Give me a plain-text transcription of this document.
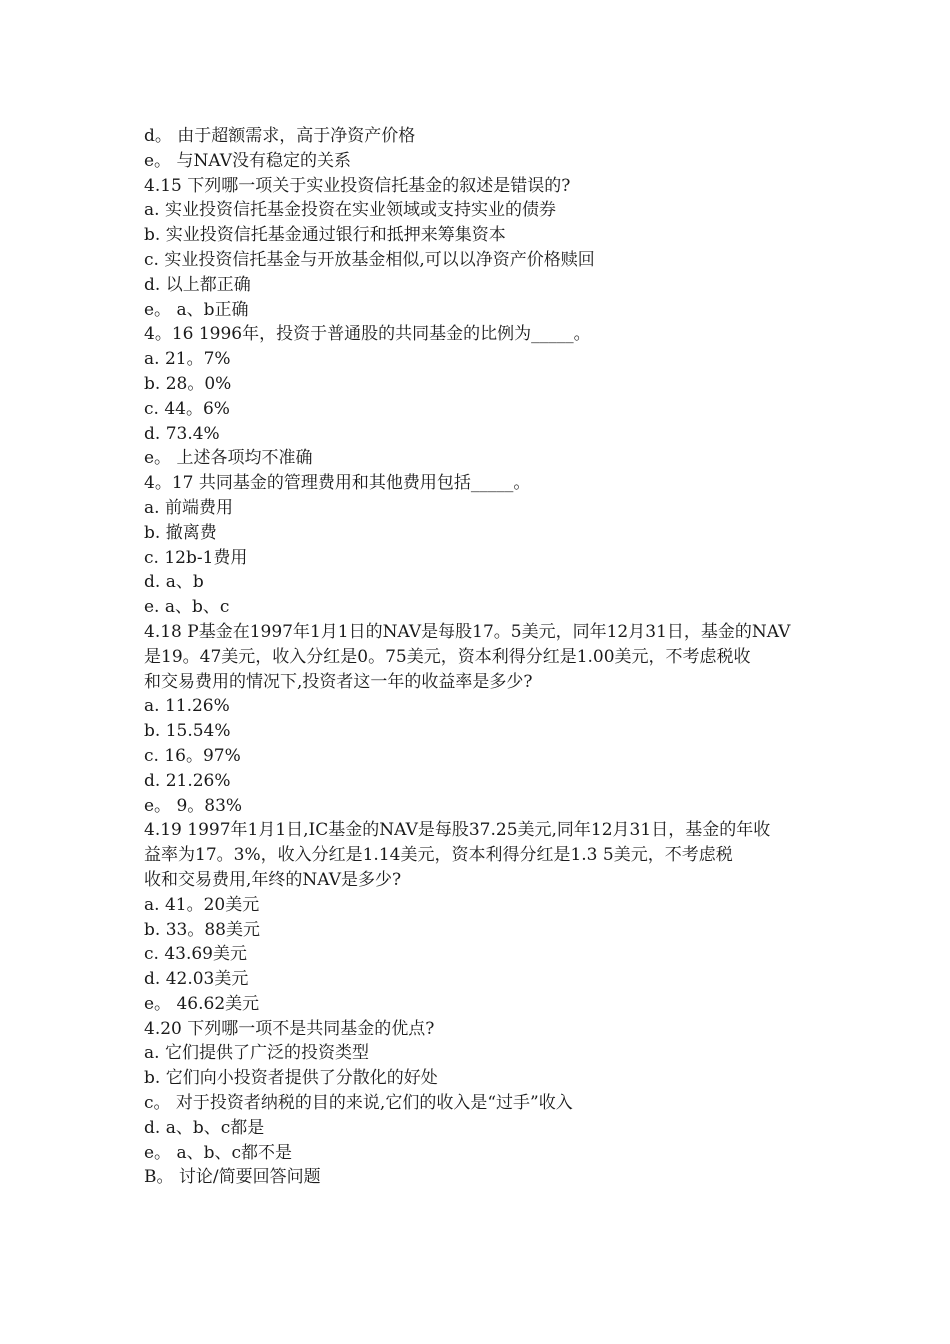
d。 由于超额需求，高于净资产价格
e。 与NAV没有稳定的关系
4.15 下列哪一项关于实业投资信托基金的叙述是错误的?
a. 实业投资信托基金投资在实业领域或支持实业的债券
b. 实业投资信托基金通过银行和抵押来筹集资本
c. 实业投资信托基金与开放基金相似,可以以净资产价格赎回
d. 以上都正确
e。 a、b正确
4。16 1996年，投资于普通股的共同基金的比例为_____。
a. 21。7%
b. 28。0%
c. 44。6%
d. 73.4%
e。 上述各项均不准确
4。17 共同基金的管理费用和其他费用包括_____。
a. 前端费用
b. 撤离费
c. 12b-1费用
d. a、b
e. a、b、c
4.18 P基金在1997年1月1日的NAV是每股17。5美元，同年12月31日，基金的NAV
是19。47美元，收入分红是0。75美元，资本利得分红是1.00美元，不考虑税收
和交易费用的情况下,投资者这一年的收益率是多少?
a. 11.26%
b. 15.54%
c. 16。97%
d. 21.26%
e。 9。83%
4.19 1997年1月1日,IC基金的NAV是每股37.25美元,同年12月31日，基金的年收
益率为17。3%，收入分红是1.14美元，资本利得分红是1.3 5美元，不考虑税
收和交易费用,年终的NAV是多少?
a. 41。20美元
b. 33。88美元
c. 43.69美元
d. 42.03美元
e。 46.62美元
4.20 下列哪一项不是共同基金的优点?
a. 它们提供了广泛的投资类型
b. 它们向小投资者提供了分散化的好处
c。 对于投资者纳税的目的来说,它们的收入是“过手”收入
d. a、b、c都是
e。 a、b、c都不是
B。 讨论/简要回答问题
